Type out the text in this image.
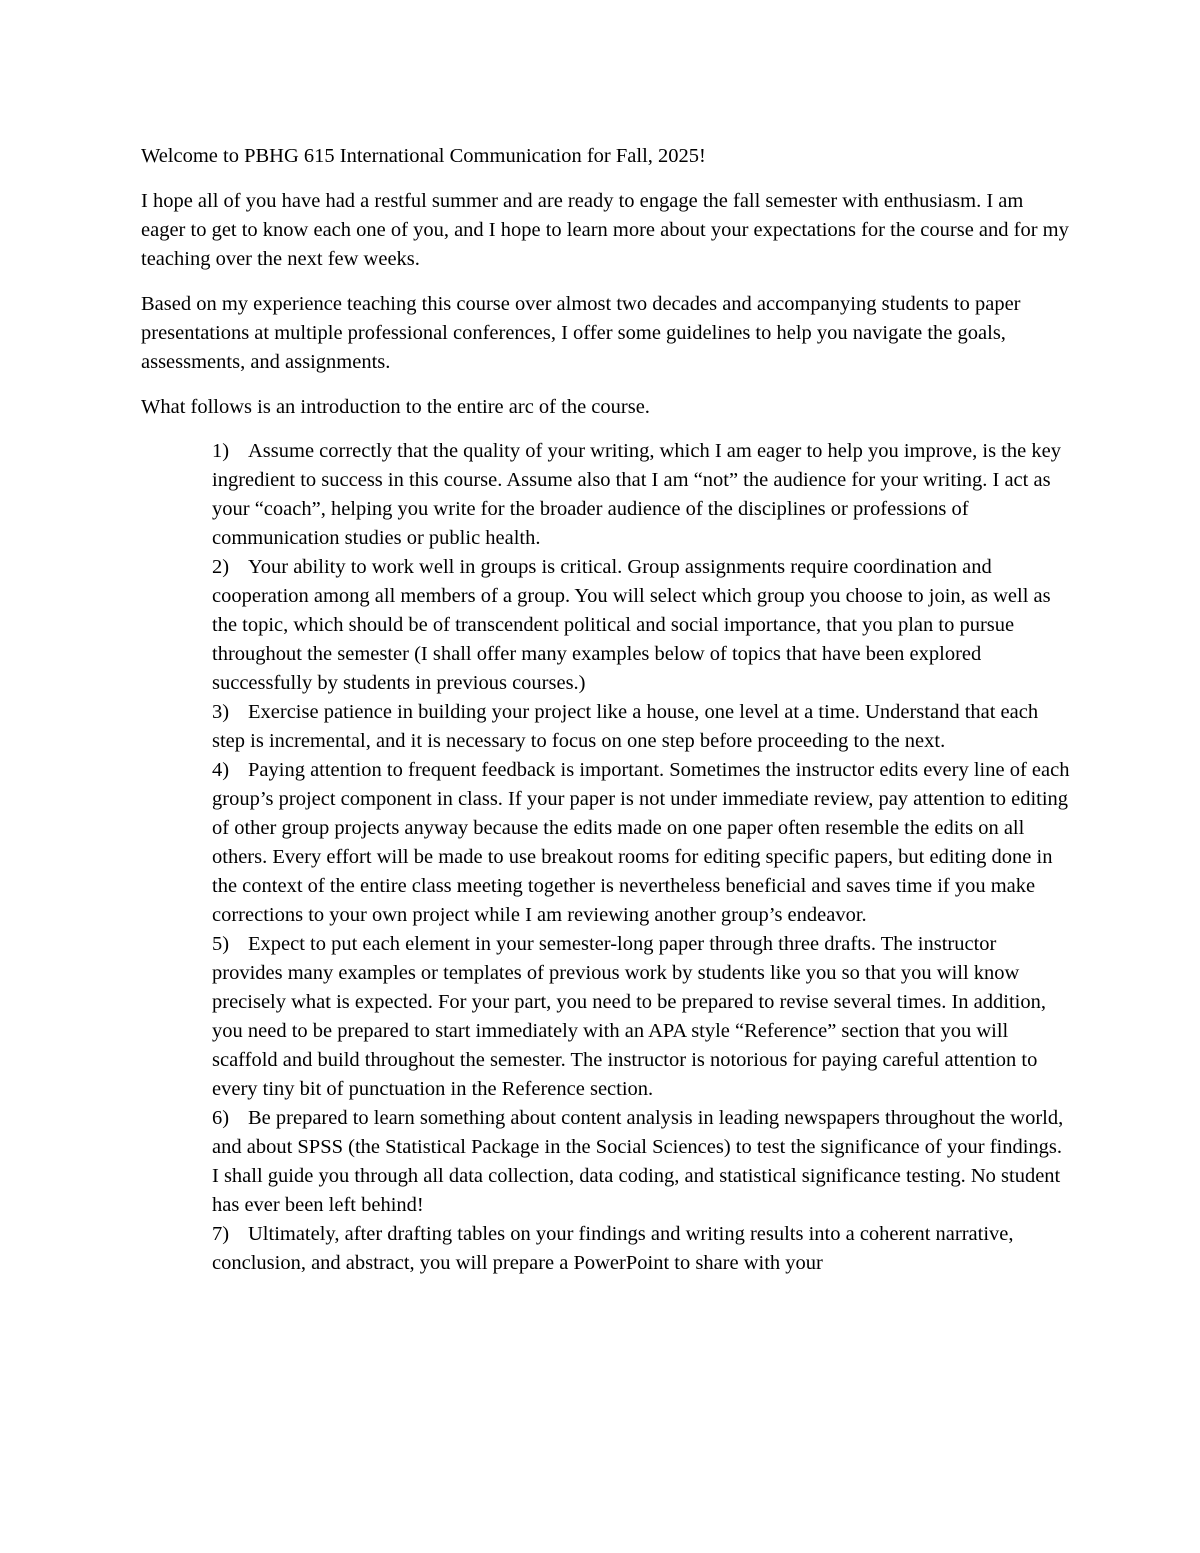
Welcome to PBHG 615 International Communication for Fall, 2025!

I hope all of you have had a restful summer and are ready to engage the fall semester with enthusiasm. I am eager to get to know each one of you, and I hope to learn more about your expectations for the course and for my teaching over the next few weeks.

Based on my experience teaching this course over almost two decades and accompanying students to paper presentations at multiple professional conferences, I offer some guidelines to help you navigate the goals, assessments, and assignments.

What follows is an introduction to the entire arc of the course.

1) Assume correctly that the quality of your writing, which I am eager to help you improve, is the key ingredient to success in this course. Assume also that I am “not” the audience for your writing. I act as your “coach”, helping you write for the broader audience of the disciplines or professions of communication studies or public health.
2) Your ability to work well in groups is critical. Group assignments require coordination and cooperation among all members of a group. You will select which group you choose to join, as well as the topic, which should be of transcendent political and social importance, that you plan to pursue throughout the semester (I shall offer many examples below of topics that have been explored successfully by students in previous courses.)
3) Exercise patience in building your project like a house, one level at a time. Understand that each step is incremental, and it is necessary to focus on one step before proceeding to the next.
4) Paying attention to frequent feedback is important. Sometimes the instructor edits every line of each group’s project component in class. If your paper is not under immediate review, pay attention to editing of other group projects anyway because the edits made on one paper often resemble the edits on all others. Every effort will be made to use breakout rooms for editing specific papers, but editing done in the context of the entire class meeting together is nevertheless beneficial and saves time if you make corrections to your own project while I am reviewing another group’s endeavor.
5) Expect to put each element in your semester-long paper through three drafts. The instructor provides many examples or templates of previous work by students like you so that you will know precisely what is expected. For your part, you need to be prepared to revise several times. In addition, you need to be prepared to start immediately with an APA style “Reference” section that you will scaffold and build throughout the semester. The instructor is notorious for paying careful attention to every tiny bit of punctuation in the Reference section.
6) Be prepared to learn something about content analysis in leading newspapers throughout the world, and about SPSS (the Statistical Package in the Social Sciences) to test the significance of your findings. I shall guide you through all data collection, data coding, and statistical significance testing. No student has ever been left behind!
7) Ultimately, after drafting tables on your findings and writing results into a coherent narrative, conclusion, and abstract, you will prepare a PowerPoint to share with your
